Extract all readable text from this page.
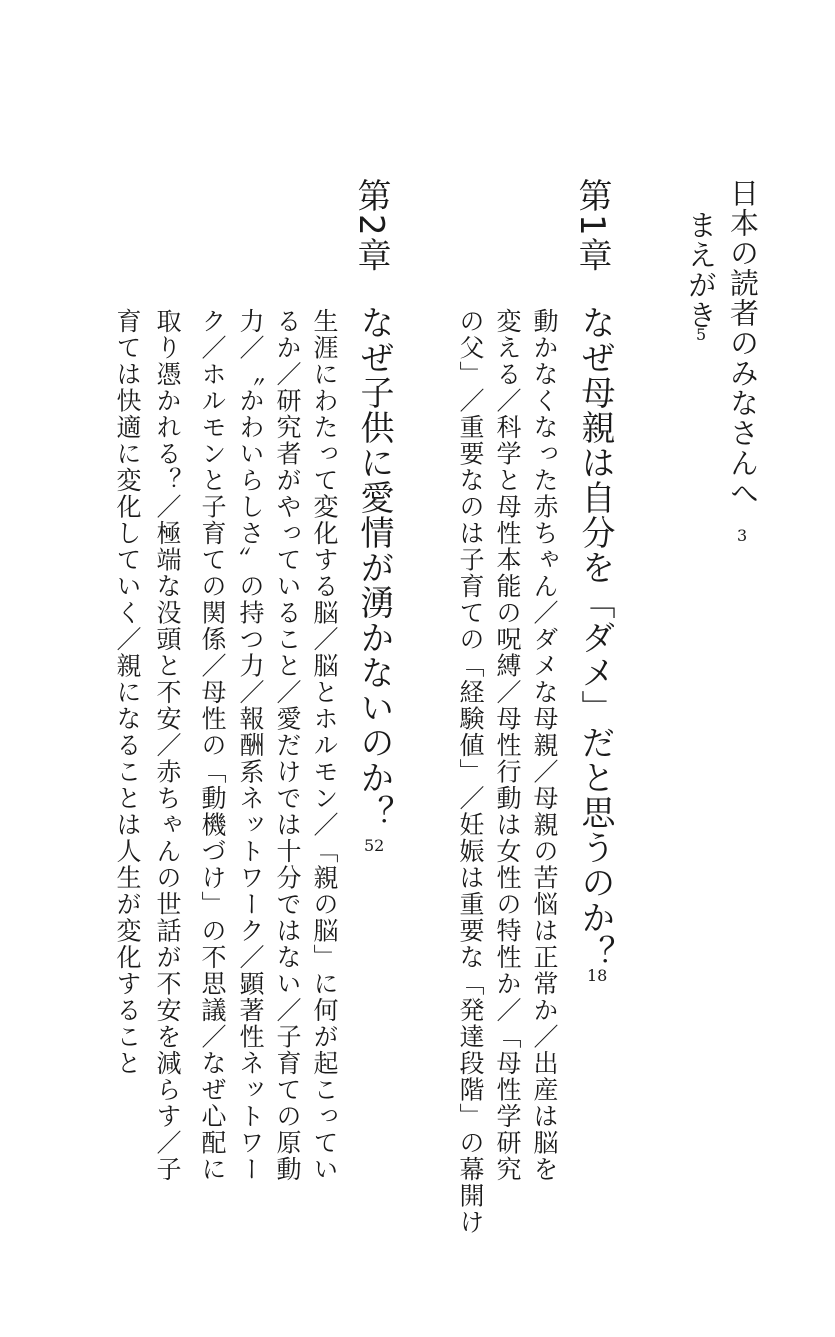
日本の読者のみなさんへ
3
まえがき
5
第1章
なぜ母親は自分を「ダメ」だと思うのか？
18
動かなくなった赤ちゃん／ダメな母親／母親の苦悩は正常か／出産は脳を
変える／科学と母性本能の呪縛／母性行動は女性の特性か／「母性学研究
の父」／重要なのは子育ての「経験値」／妊娠は重要な「発達段階」の幕開け
第2章
なぜ子供に愛情が湧かないのか？
52
生涯にわたって変化する脳／脳とホルモン／「親の脳」に何が起こってい
るか／研究者がやっていること／愛だけでは十分ではない／子育ての原動
力／〝かわいらしさ〟の持つ力／報酬系ネットワーク／顕著性ネットワー
ク／ホルモンと子育ての関係／母性の「動機づけ」の不思議／なぜ心配に
取り憑かれる？／極端な没頭と不安／赤ちゃんの世話が不安を減らす／子
育ては快適に変化していく／親になることは人生が変化すること
